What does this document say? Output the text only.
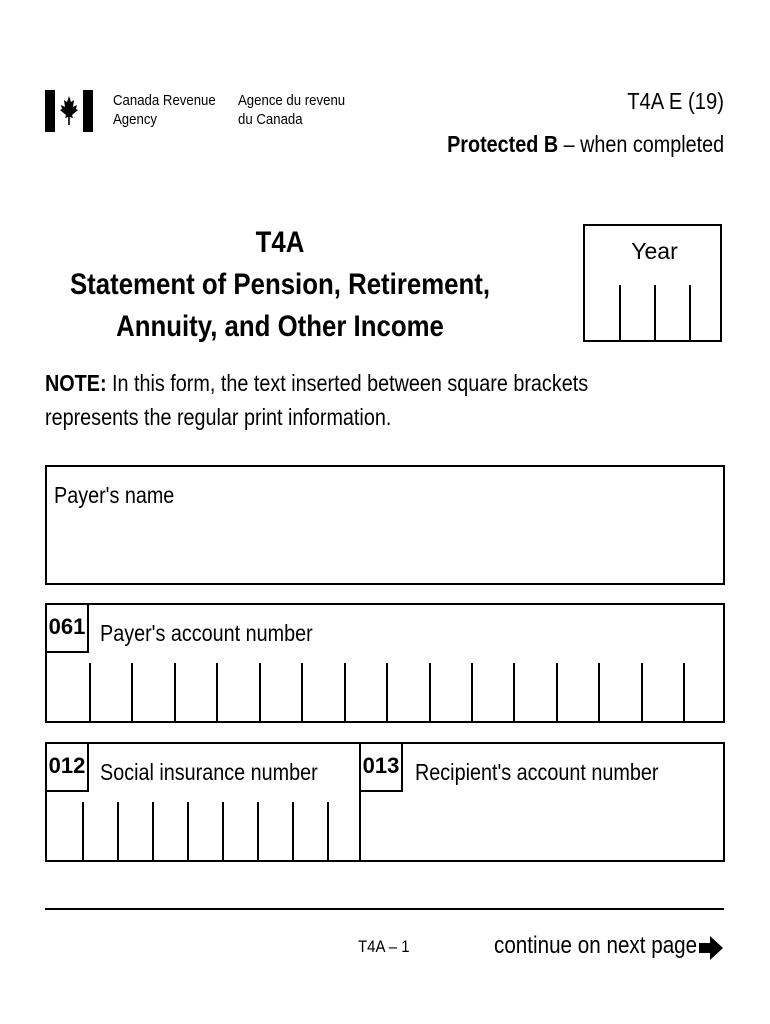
Canada Revenue
Agency
Agence du revenu
du Canada
T4A E (19)
Protected B – when completed
T4A
Statement of Pension, Retirement,
Annuity, and Other Income
Year
NOTE: In this form, the text inserted between square brackets
represents the regular print information.
Payer's name
061 Payer's account number
012 Social insurance number 013 Recipient's account number
T4A – 1	continue on next page
